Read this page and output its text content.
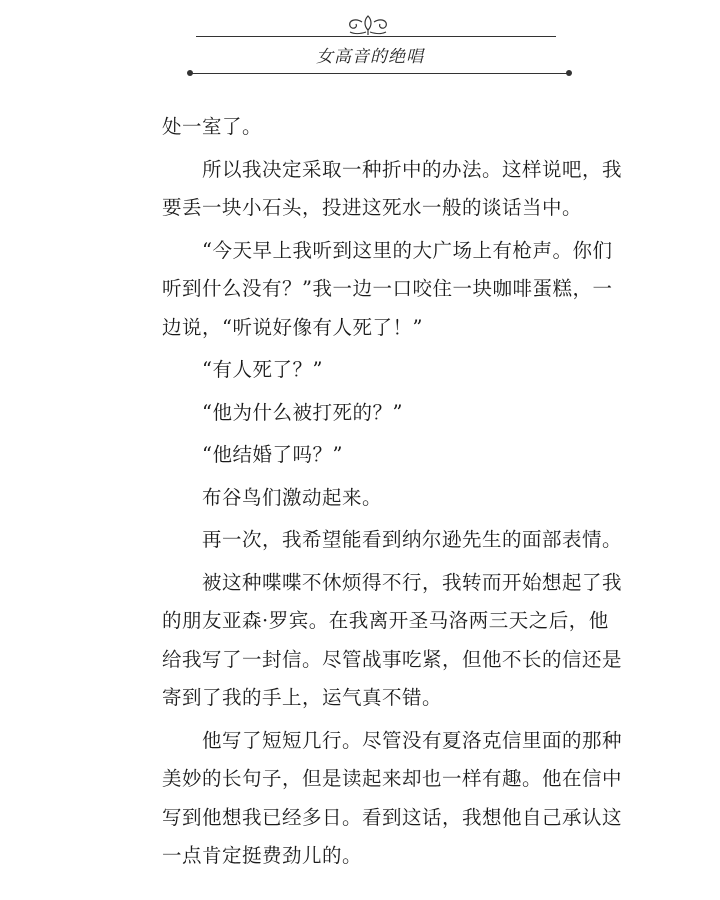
女高音的绝唱
处一室了。
所以我决定采取一种折中的办法。这样说吧，我
要丢一块小石头，投进这死水一般的谈话当中。
“今天早上我听到这里的大广场上有枪声。你们
听到什么没有？”我一边一口咬住一块咖啡蛋糕，一
边说，“听说好像有人死了！”
“有人死了？”
“他为什么被打死的？”
“他结婚了吗？”
布谷鸟们激动起来。
再一次，我希望能看到纳尔逊先生的面部表情。
被这种喋喋不休烦得不行，我转而开始想起了我
的朋友亚森·罗宾。在我离开圣马洛两三天之后，他
给我写了一封信。尽管战事吃紧，但他不长的信还是
寄到了我的手上，运气真不错。
他写了短短几行。尽管没有夏洛克信里面的那种
美妙的长句子，但是读起来却也一样有趣。他在信中
写到他想我已经多日。看到这话，我想他自己承认这
一点肯定挺费劲儿的。
